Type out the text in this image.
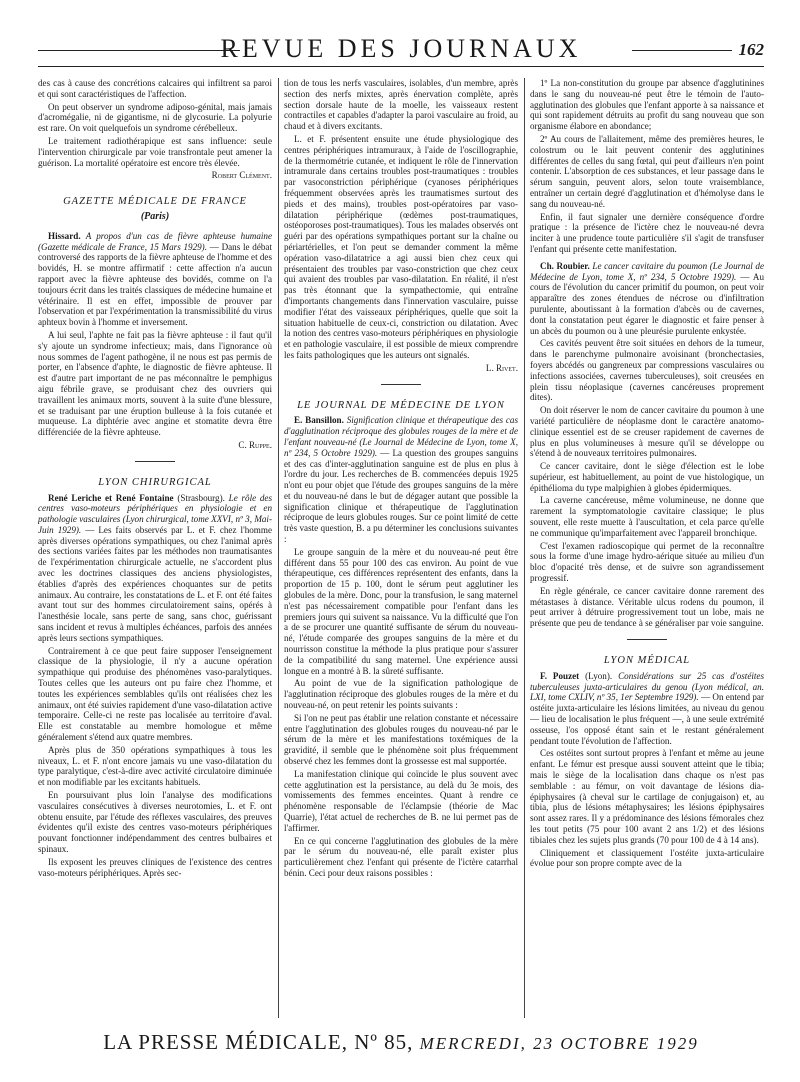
REVUE DES JOURNAUX	162

des cas à cause des concrétions calcaires qui infiltrent sa paroi et qui sont caractéristiques de l'affection.

On peut observer un syndrome adiposo-génital, mais jamais d'acromégalie, ni de gigantisme, ni de glycosurie. La polyurie est rare. On voit quelquefois un syndrome cérébelleux.

Le traitement radiothérapique est sans influence: seule l'intervention chirurgicale par voie transfrontale peut amener la guérison. La mortalité opératoire est encore très élevée.

Robert Clément.
GAZETTE MÉDICALE DE FRANCE
(Paris)

Hissard. A propos d'un cas de fièvre aphteuse humaine (Gazette médicale de France, 15 Mars 1929). — Dans le débat controversé des rapports de la fièvre aphteuse de l'homme et des bovidés, H. se montre affirmatif : cette affection n'a aucun rapport avec la fièvre aphteuse des bovidés, comme on l'a toujours écrit dans les traités classiques de médecine humaine et vétérinaire. Il est en effet, impossible de prouver par l'observation et par l'expérimentation la transmissibilité du virus aphteux bovin à l'homme et inversement.

A lui seul, l'aphte ne fait pas la fièvre aphteuse : il faut qu'il s'y ajoute un syndrome infectieux; mais, dans l'ignorance où nous sommes de l'agent pathogène, il ne nous est pas permis de porter, en l'absence d'aphte, le diagnostic de fièvre aphteuse. Il est d'autre part important de ne pas méconnaître le pemphigus aigu fébrile grave, se produisant chez des ouvriers qui travaillent les animaux morts, souvent à la suite d'une blessure, et se traduisant par une éruption bulleuse à la fois cutanée et muqueuse. La diphtérie avec angine et stomatite devra être différenciée de la fièvre aphteuse.

C. Ruppe.
LYON CHIRURGICAL

René Leriche et René Fontaine (Strasbourg). Le rôle des centres vaso-moteurs périphériques en physiologie et en pathologie vasculaires (Lyon chirurgical, tome XXVI, nº 3, Mai-Juin 1929). — Les faits observés par L. et F. chez l'homme après diverses opérations sympathiques, ou chez l'animal après des sections variées faites par les méthodes non traumatisantes de l'expérimentation chirurgicale actuelle, ne s'accordent plus avec les doctrines classiques des anciens physiologistes, établies d'après des expériences choquantes sur de petits animaux. Au contraire, les constatations de L. et F. ont été faites avant tout sur des hommes circulatoirement sains, opérés à l'anesthésie locale, sans perte de sang, sans choc, guérissant sans incident et revus à multiples échéances, parfois des années après leurs sections sympathiques.

Contrairement à ce que peut faire supposer l'enseignement classique de la physiologie, il n'y a aucune opération sympathique qui produise des phénomènes vaso-paralytiques. Toutes celles que les auteurs ont pu faire chez l'homme, et toutes les expériences semblables qu'ils ont réalisées chez les animaux, ont été suivies rapidement d'une vaso-dilatation active temporaire. Celle-ci ne reste pas localisée au territoire d'aval. Elle est constatable au membre homologue et même généralement s'étend aux quatre membres.

Après plus de 350 opérations sympathiques à tous les niveaux, L. et F. n'ont encore jamais vu une vaso-dilatation du type paralytique, c'est-à-dire avec activité circulatoire diminuée et non modifiable par les excitants habituels.

En poursuivant plus loin l'analyse des modifications vasculaires consécutives à diverses neurotomies, L. et F. ont obtenu ensuite, par l'étude des réflexes vasculaires, des preuves évidentes qu'il existe des centres vaso-moteurs périphériques pouvant fonctionner indépendamment des centres bulbaires et spinaux.

Ils exposent les preuves cliniques de l'existence des centres vaso-moteurs périphériques. Après sec-

tion de tous les nerfs vasculaires, isolables, d'un membre, après section des nerfs mixtes, après énervation complète, après section dorsale haute de la moelle, les vaisseaux restent contractiles et capables d'adapter la paroi vasculaire au froid, au chaud et à divers excitants.

L. et F. présentent ensuite une étude physiologique des centres périphériques intramuraux, à l'aide de l'oscillographie, de la thermométrie cutanée, et indiquent le rôle de l'innervation intramurale dans certains troubles post-traumatiques : troubles par vasoconstriction périphérique (cyanoses périphériques fréquemment observées après les traumatismes surtout des pieds et des mains), troubles post-opératoires par vaso-dilatation périphérique (œdèmes post-traumatiques, ostéoporoses post-traumatiques). Tous les malades observés ont guéri par des opérations sympathiques portant sur la chaîne ou périartérielles, et l'on peut se demander comment la même opération vaso-dilatatrice a agi aussi bien chez ceux qui présentaient des troubles par vaso-constriction que chez ceux qui avaient des troubles par vaso-dilatation. En réalité, il n'est pas très étonnant que la sympathectomie, qui entraîne d'importants changements dans l'innervation vasculaire, puisse modifier l'état des vaisseaux périphériques, quelle que soit la situation habituelle de ceux-ci, constriction ou dilatation. Avec la notion des centres vaso-moteurs périphériques en physiologie et en pathologie vasculaire, il est possible de mieux comprendre les faits pathologiques que les auteurs ont signalés.

L. Rivet.
LE JOURNAL DE MÉDECINE DE LYON

E. Bansillon. Signification clinique et thérapeutique des cas d'agglutination réciproque des globules rouges de la mère et de l'enfant nouveau-né (Le Journal de Médecine de Lyon, tome X, nº 234, 5 Octobre 1929). — La question des groupes sanguins et des cas d'inter-agglutination sanguine est de plus en plus à l'ordre du jour. Les recherches de B. commencées depuis 1925 n'ont eu pour objet que l'étude des groupes sanguins de la mère et du nouveau-né dans le but de dégager autant que possible la signification clinique et thérapeutique de l'agglutination réciproque de leurs globules rouges. Sur ce point limité de cette très vaste question, B. a pu déterminer les conclusions suivantes :

Le groupe sanguin de la mère et du nouveau-né peut être différent dans 55 pour 100 des cas environ. Au point de vue thérapeutique, ces différences représentent des enfants, dans la proportion de 15 p. 100, dont le sérum peut agglutiner les globules de la mère. Donc, pour la transfusion, le sang maternel n'est pas nécessairement compatible pour l'enfant dans les premiers jours qui suivent sa naissance. Vu la difficulté que l'on a de se procurer une quantité suffisante de sérum du nouveau-né, l'étude comparée des groupes sanguins de la mère et du nourrisson constitue la méthode la plus pratique pour s'assurer de la compatibilité du sang maternel. Une expérience aussi longue en a montré à B. la sûreté suffisante.

Au point de vue de la signification pathologique de l'agglutination réciproque des globules rouges de la mère et du nouveau-né, on peut retenir les points suivants :

Si l'on ne peut pas établir une relation constante et nécessaire entre l'agglutination des globules rouges du nouveau-né par le sérum de la mère et les manifestations toxémiques de la gravidité, il semble que le phénomène soit plus fréquemment observé chez les femmes dont la grossesse est mal supportée.

La manifestation clinique qui coïncide le plus souvent avec cette agglutination est la persistance, au delà du 3e mois, des vomissements des femmes enceintes. Quant à rendre ce phénomène responsable de l'éclampsie (théorie de Mac Quarrie), l'état actuel de recherches de B. ne lui permet pas de l'affirmer.

En ce qui concerne l'agglutination des globules de la mère par le sérum du nouveau-né, elle paraît exister plus particulièrement chez l'enfant qui présente de l'ictère catarrhal bénin. Ceci pour deux raisons possibles :

1º La non-constitution du groupe par absence d'agglutinines dans le sang du nouveau-né peut être le témoin de l'auto-agglutination des globules que l'enfant apporte à sa naissance et qui sont rapidement détruits au profit du sang nouveau que son organisme élabore en abondance;

2º Au cours de l'allaitement, même des premières heures, le colostrum ou le lait peuvent contenir des agglutinines différentes de celles du sang fœtal, qui peut d'ailleurs n'en point contenir. L'absorption de ces substances, et leur passage dans le sérum sanguin, peuvent alors, selon toute vraisemblance, entraîner un certain degré d'agglutination et d'hémolyse dans le sang du nouveau-né.

Enfin, il faut signaler une dernière conséquence d'ordre pratique : la présence de l'ictère chez le nouveau-né devra inciter à une prudence toute particulière s'il s'agit de transfuser l'enfant qui présente cette manifestation.

Ch. Roubier. Le cancer cavitaire du poumon (Le Journal de Médecine de Lyon, tome X, nº 234, 5 Octobre 1929). — Au cours de l'évolution du cancer primitif du poumon, on peut voir apparaître des zones étendues de nécrose ou d'infiltration purulente, aboutissant à la formation d'abcès ou de cavernes, dont la constatation peut égarer le diagnostic et faire penser à un abcès du poumon ou à une pleurésie purulente enkystée.

Ces cavités peuvent être soit situées en dehors de la tumeur, dans le parenchyme pulmonaire avoisinant (bronchectasies, foyers abcédés ou gangreneux par compressions vasculaires ou infections associées, cavernes tuberculeuses), soit creusées en plein tissu néoplasique (cavernes cancéreuses proprement dites).

On doit réserver le nom de cancer cavitaire du poumon à une variété particulière de néoplasme dont le caractère anatomo-clinique essentiel est de se creuser rapidement de cavernes de plus en plus volumineuses à mesure qu'il se développe ou s'étend à de nouveaux territoires pulmonaires.

Ce cancer cavitaire, dont le siège d'élection est le lobe supérieur, est habituellement, au point de vue histologique, un épithélioma du type malpighien à globes épidermiques.

La caverne cancéreuse, même volumineuse, ne donne que rarement la symptomatologie cavitaire classique; le plus souvent, elle reste muette à l'auscultation, et cela parce qu'elle ne communique qu'imparfaitement avec l'appareil bronchique.

C'est l'examen radioscopique qui permet de la reconnaître sous la forme d'une image hydro-aérique située au milieu d'un bloc d'opacité très dense, et de suivre son agrandissement progressif.

En règle générale, ce cancer cavitaire donne rarement des métastases à distance. Véritable ulcus rodens du poumon, il peut arriver à détruire progressivement tout un lobe, mais ne présente que peu de tendance à se généraliser par voie sanguine.

LYON MÉDICAL

F. Pouzet (Lyon). Considérations sur 25 cas d'ostéites tuberculeuses juxta-articulaires du genou (Lyon médical, an. LXI, tome CXLIV, nº 35, 1er Septembre 1929). — On entend par ostéite juxta-articulaire les lésions limitées, au niveau du genou — lieu de localisation le plus fréquent —, à une seule extrémité osseuse, l'os opposé étant sain et le restant généralement pendant toute l'évolution de l'affection.

Ces ostéites sont surtout propres à l'enfant et même au jeune enfant. Le fémur est presque aussi souvent atteint que le tibia; mais le siège de la localisation dans chaque os n'est pas semblable : au fémur, on voit davantage de lésions dia-épiphysaires (à cheval sur le cartilage de conjugaison) et, au tibia, plus de lésions métaphysaires; les lésions épiphysaires sont assez rares. Il y a prédominance des lésions fémorales chez les tout petits (75 pour 100 avant 2 ans 1/2) et des lésions tibiales chez les sujets plus grands (70 pour 100 de 4 à 14 ans).

Cliniquement et classiquement l'ostéite juxta-articulaire évolue pour son propre compte avec de la

LA PRESSE MÉDICALE, Nº 85, MERCREDI, 23 OCTOBRE 1929
